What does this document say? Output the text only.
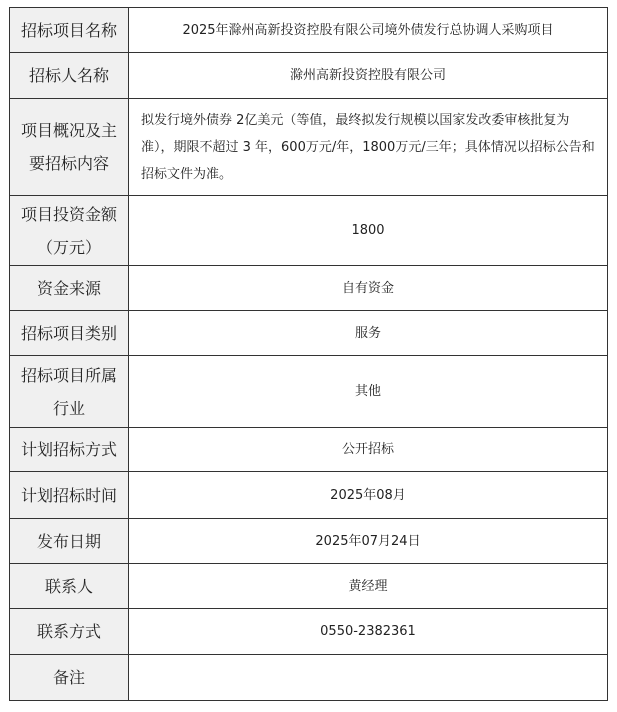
招标项目名称	2025年滁州高新投资控股有限公司境外债发行总协调人采购项目

招标人名称	滁州高新投资控股有限公司

项目概况及主要招标内容	拟发行境外债券 2亿美元（等值，最终拟发行规模以国家发改委审核批复为准），期限不超过 3 年，600万元/年，1800万元/三年；具体情况以招标公告和招标文件为准。

项目投资金额（万元）	1800

资金来源	自有资金

招标项目类别	服务

招标项目所属行业	其他

计划招标方式	公开招标

计划招标时间	2025年08月

发布日期	2025年07月24日

联系人	黄经理

联系方式	0550-2382361

备注	
